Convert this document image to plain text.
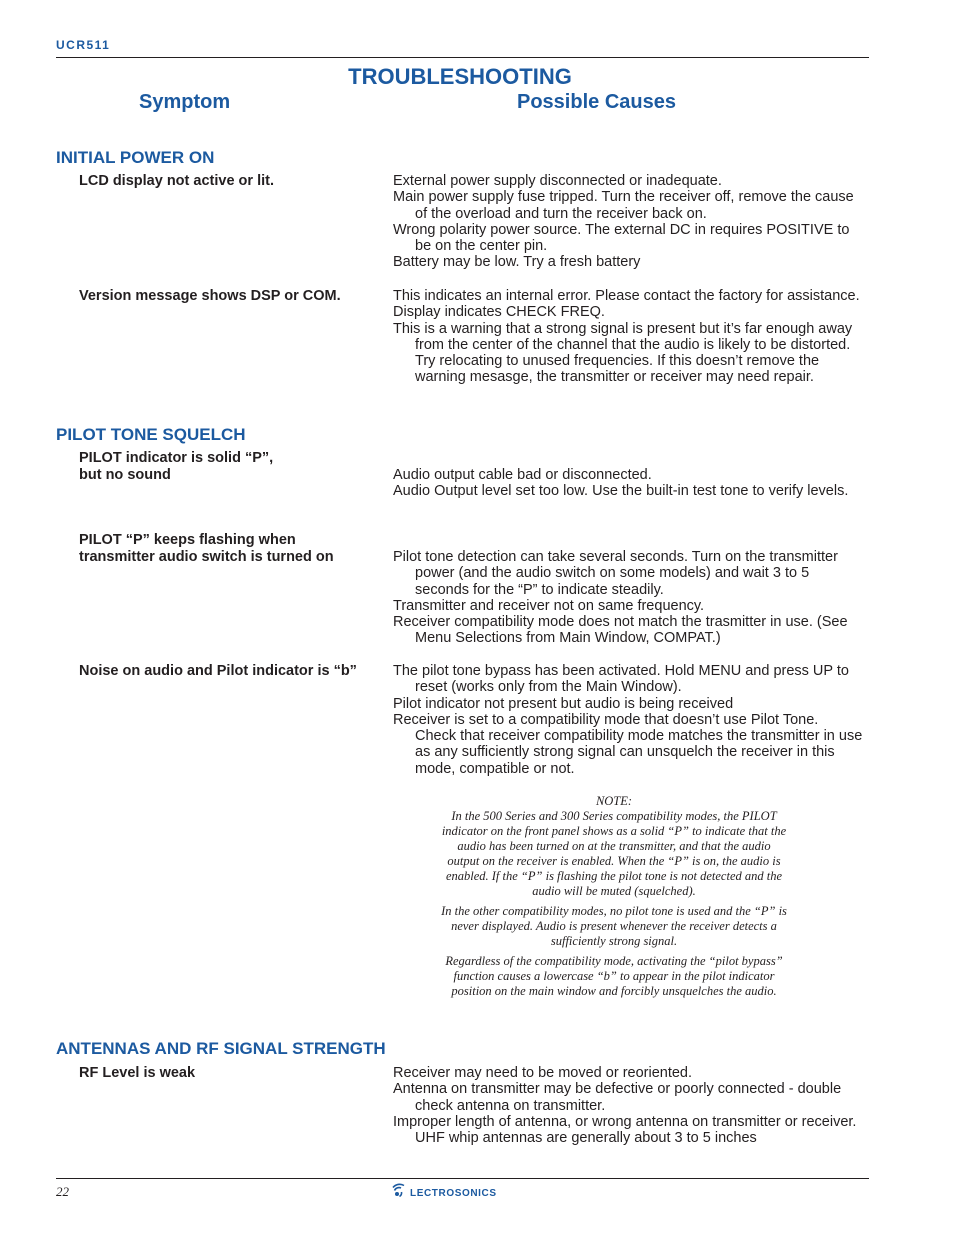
UCR511
TROUBLESHOOTING
Symptom	Possible Causes
INITIAL POWER ON
LCD display not active or lit.	External power supply disconnected or inadequate.

Main power supply fuse tripped. Turn the receiver off, remove the cause of the overload and turn the receiver back on.

Wrong polarity power source. The external DC in requires POSITIVE to be on the center pin.

Battery may be low. Try a fresh battery

Version message shows DSP or COM.	This indicates an internal error. Please contact the factory for assistance.

Display indicates CHECK FREQ.

This is a warning that a strong signal is present but it’s far enough away from the center of the channel that the audio is likely to be distorted. Try relocating to unused frequencies. If this doesn’t remove the warning mesasge, the transmitter or receiver may need repair.

PILOT TONE SQUELCH
PILOT indicator is solid “P”,
but no sound	Audio output cable bad or disconnected.

Audio Output level set too low. Use the built-in test tone to verify levels.

PILOT “P” keeps flashing when
transmitter audio switch is turned on	Pilot tone detection can take several seconds. Turn on the transmitter power (and the audio switch on some models) and wait 3 to 5 seconds for the “P” to indicate steadily.

Transmitter and receiver not on same frequency.

Receiver compatibility mode does not match the trasmitter in use. (See Menu Selections from Main Window, COMPAT.)

Noise on audio and Pilot indicator is “b”	The pilot tone bypass has been activated. Hold MENU and press UP to reset (works only from the Main Window).

Pilot indicator not present but audio is being received

Receiver is set to a compatibility mode that doesn’t use Pilot Tone. Check that receiver compatibility mode matches the transmitter in use as any sufficiently strong signal can unsquelch the receiver in this mode, compatible or not.

NOTE:

In the 500 Series and 300 Series compatibility modes, the PILOT indicator on the front panel shows as a solid “P” to indicate that the audio has been turned on at the transmitter, and that the audio output on the receiver is enabled. When the “P” is on, the audio is enabled. If the “P” is flashing the pilot tone is not detected and the audio will be muted (squelched).

In the other compatibility modes, no pilot tone is used and the “P” is never displayed. Audio is present whenever the receiver detects a sufficiently strong signal.

Regardless of the compatibility mode, activating the “pilot bypass” function causes a lowercase “b” to appear in the pilot indicator position on the main window and forcibly unsquelches the audio.

ANTENNAS AND RF SIGNAL STRENGTH
RF Level is weak	Receiver may need to be moved or reoriented.

Antenna on transmitter may be defective or poorly connected - double check antenna on transmitter.

Improper length of antenna, or wrong antenna on transmitter or receiver. UHF whip antennas are generally about 3 to 5 inches

22	LECTROSONICS
